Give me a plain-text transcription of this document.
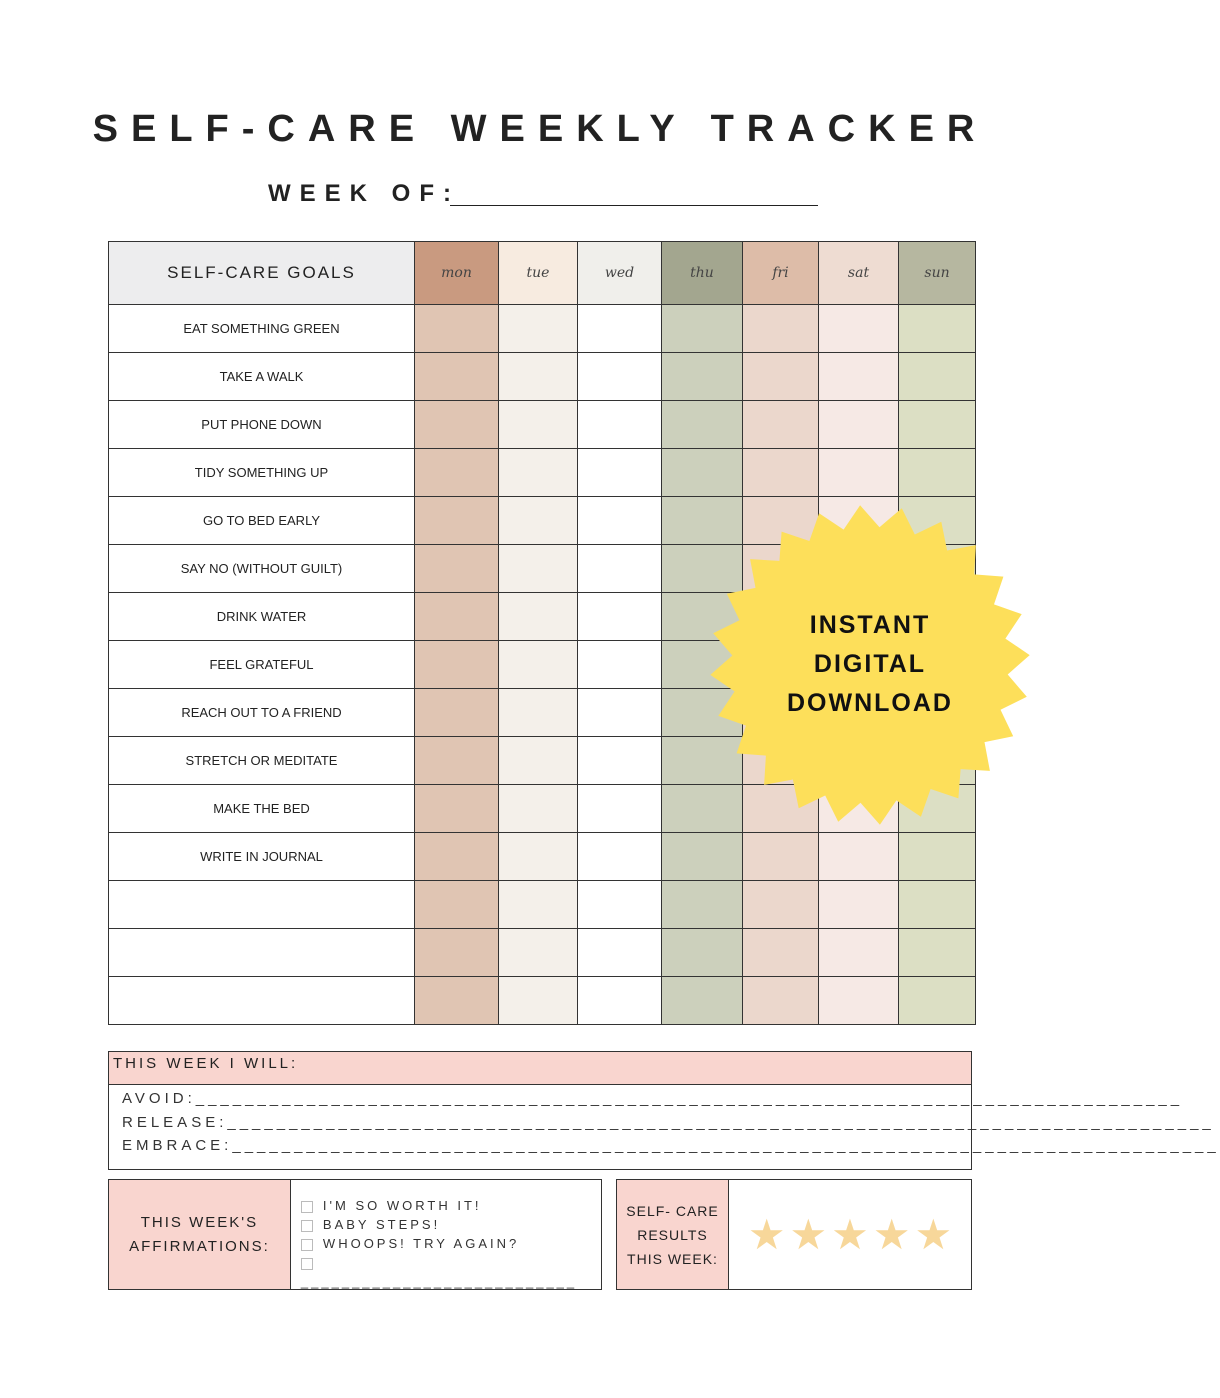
SELF-CARE WEEKLY TRACKER
WEEK OF:
SELF-CARE GOALS	mon	tue	wed	thu	fri	sat	sun
EAT SOMETHING GREEN							
TAKE A WALK							
PUT PHONE DOWN							
TIDY SOMETHING UP							
GO TO BED EARLY							
SAY NO (WITHOUT GUILT)							
DRINK WATER							
FEEL GRATEFUL							
REACH OUT TO A FRIEND							
STRETCH OR MEDITATE							
MAKE THE BED							
WRITE IN JOURNAL							

THIS WEEK I WILL:
AVOID:________________________________________________________________________________
RELEASE:________________________________________________________________________________
EMBRACE:________________________________________________________________________________
THIS WEEK'S AFFIRMATIONS:
I'M SO WORTH IT!
BABY STEPS!
WHOOPS! TRY AGAIN?
___________________________
SELF- CARE RESULTS THIS WEEK:
★ ★ ★ ★ ★
INSTANT
DIGITAL
DOWNLOAD
